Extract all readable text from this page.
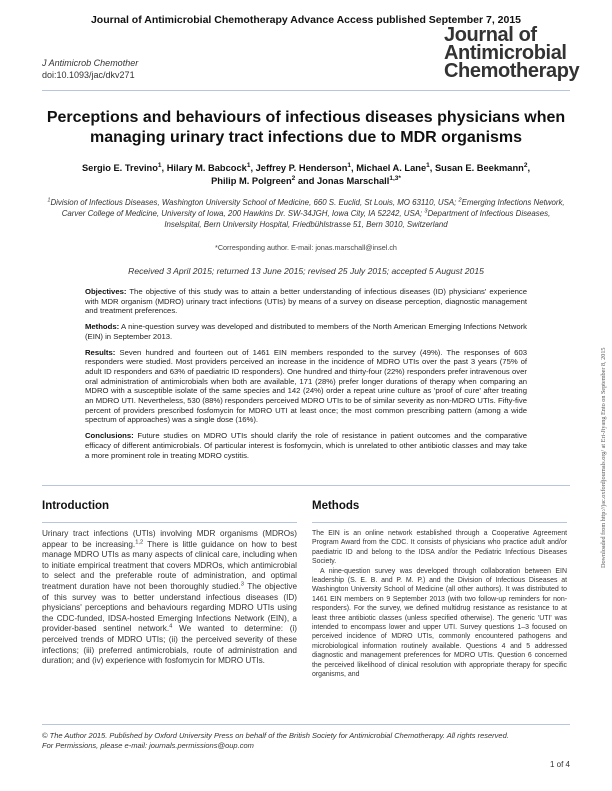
Journal of Antimicrobial Chemotherapy Advance Access published September 7, 2015
J Antimicrob Chemother
doi:10.1093/jac/dkv271
Journal of
Antimicrobial
Chemotherapy
Perceptions and behaviours of infectious diseases physicians when managing urinary tract infections due to MDR organisms
Sergio E. Trevino$^1$, Hilary M. Babcock$^1$, Jeffrey P. Henderson$^1$, Michael A. Lane$^1$, Susan E. Beekmann$^2$,
Philip M. Polgreen$^2$ and Jonas Marschall$^{1,3*}$
$^1$Division of Infectious Diseases, Washington University School of Medicine, 660 S. Euclid, St Louis, MO 63110, USA; $^2$Emerging Infections Network, Carver College of Medicine, University of Iowa, 200 Hawkins Dr. SW-34JGH, Iowa City, IA 52242, USA; $^3$Department of Infectious Diseases, Inselspital, Bern University Hospital, Friedbühlstrasse 51, Bern 3010, Switzerland
*Corresponding author. E-mail: jonas.marschall@insel.ch
Received 3 April 2015; returned 13 June 2015; revised 25 July 2015; accepted 5 August 2015

Objectives: The objective of this study was to attain a better understanding of infectious diseases (ID) physicians' experience with MDR organism (MDRO) urinary tract infections (UTIs) by means of a survey on disease perception, diagnostic management and treatment preferences.

Methods: A nine-question survey was developed and distributed to members of the North American Emerging Infections Network (EIN) in September 2013.

Results: Seven hundred and fourteen out of 1461 EIN members responded to the survey (49%). The responses of 603 responders were studied. Most providers perceived an increase in the incidence of MDRO UTIs over the past 3 years (75% of adult ID responders and 63% of paediatric ID responders). One hundred and thirty-four (22%) responders prefer intravenous over oral administration of antimicrobials when both are available, 171 (28%) prefer longer durations of therapy when comparing an MDRO with a susceptible isolate of the same species and 142 (24%) order a repeat urine culture as 'proof of cure' after treating an MDRO UTI. Nevertheless, 530 (88%) responders perceived MDRO UTIs to be of similar severity as non-MDRO UTIs. Fifty-five percent of providers prescribed fosfomycin for MDRO UTI at least once; the most common prescribing pattern (among a wide spectrum of approaches) was a single dose (16%).

Conclusions: Future studies on MDRO UTIs should clarify the role of resistance in patient outcomes and the comparative efficacy of different antimicrobials. Of particular interest is fosfomycin, which is unrelated to other antibiotic classes and may take a more prominent role in treating MDRO cystitis.

Introduction

Urinary tract infections (UTIs) involving MDR organisms (MDROs) appear to be increasing.$^{1,2}$ There is little guidance on how to best manage MDRO UTIs as many aspects of clinical care, including when to initiate empirical treatment that covers MDROs, which antimicrobial to select and the preferable route of administration, and optimal treatment duration have not been thoroughly studied.$^3$ The objective of this survey was to better understand infectious diseases (ID) physicians' perceptions and behaviours regarding MDRO UTIs using the CDC-funded, IDSA-hosted Emerging Infections Network (EIN), a provider-based sentinel network.$^4$ We wanted to determine: (i) perceived trends of MDRO UTIs; (ii) the perceived severity of these infections; (iii) preferred antimicrobials, route of administration and duration; and (iv) experience with fosfomycin for MDRO UTIs.

Methods

The EIN is an online network established through a Cooperative Agreement Program Award from the CDC. It consists of physicians who practice adult and/or paediatric ID and belong to the IDSA and/or the Pediatric Infectious Diseases Society.

A nine-question survey was developed through collaboration between EIN leadership (S. E. B. and P. M. P.) and the Division of Infectious Diseases at Washington University School of Medicine (all other authors). It was distributed to 1461 EIN members on 9 September 2013 (with two follow-up reminders for non-responders). For the survey, we defined multidrug resistance as resistance to at least three antibiotic classes (unless specified otherwise). The generic 'UTI' was intended to encompass lower and upper UTI. Survey questions 1–3 focused on perceived incidence of MDRO UTIs, commonly encountered pathogens and microbiological information routinely available. Questions 4 and 5 addressed diagnostic and management preferences for MDRO UTIs. Question 6 concerned the perceived likelihood of clinical resolution with appropriate therapy for specific organisms, and

Downloaded from http://jac.oxfordjournals.org/ at Eri-Jiyang Ento on September 8, 2015
© The Author 2015. Published by Oxford University Press on behalf of the British Society for Antimicrobial Chemotherapy. All rights reserved.
For Permissions, please e-mail: journals.permissions@oup.com
1 of 4
